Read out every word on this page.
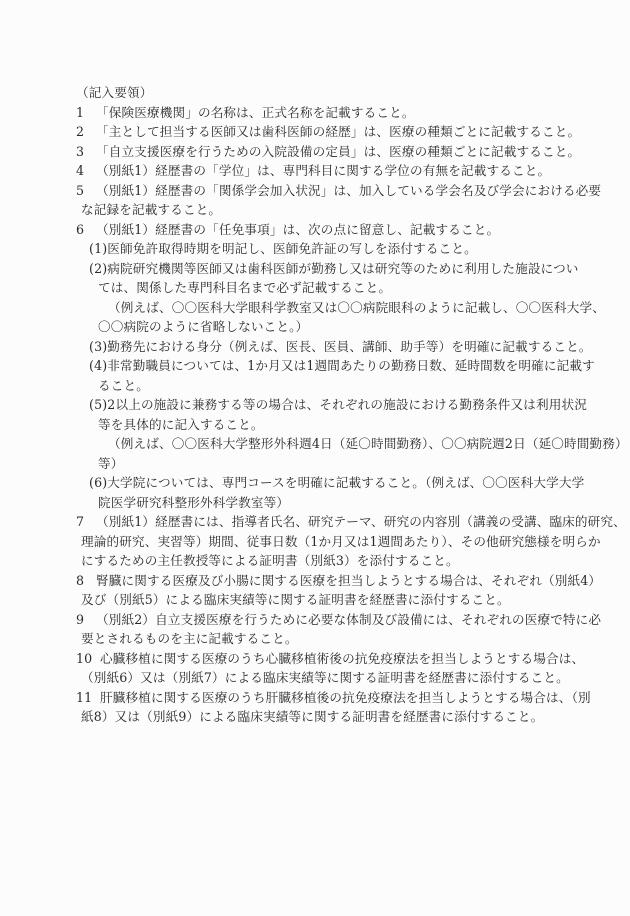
（記入要領）
1 「保険医療機関」の名称は、正式名称を記載すること。
2 「主として担当する医師又は歯科医師の経歴」は、医療の種類ごとに記載すること。
3 「自立支援医療を行うための入院設備の定員」は、医療の種類ごとに記載すること。
4 （別紙1）経歴書の「学位」は、専門科目に関する学位の有無を記載すること。
5 （別紙1）経歴書の「関係学会加入状況」は、加入している学会名及び学会における必要
な記録を記載すること。
6 （別紙1）経歴書の「任免事項」は、次の点に留意し、記載すること。
(1)医師免許取得時期を明記し、医師免許証の写しを添付すること。
(2)病院研究機関等医師又は歯科医師が勤務し又は研究等のために利用した施設につい
ては、関係した専門科目名まで必ず記載すること。
（例えば、〇〇医科大学眼科学教室又は〇〇病院眼科のように記載し、〇〇医科大学、
〇〇病院のように省略しないこと。）
(3)勤務先における身分（例えば、医長、医員、講師、助手等）を明確に記載すること。
(4)非常勤職員については、1か月又は1週間あたりの勤務日数、延時間数を明確に記載す
ること。
(5)2以上の施設に兼務する等の場合は、それぞれの施設における勤務条件又は利用状況
等を具体的に記入すること。
（例えば、〇〇医科大学整形外科週4日（延〇時間勤務）、〇〇病院週2日（延〇時間勤務）
等）
(6)大学院については、専門コースを明確に記載すること。（例えば、〇〇医科大学大学
院医学研究科整形外科学教室等）
7 （別紙1）経歴書には、指導者氏名、研究テーマ、研究の内容別（講義の受講、臨床的研究、
理論的研究、実習等）期間、従事日数（1か月又は1週間あたり）、その他研究態様を明らか
にするための主任教授等による証明書（別紙3）を添付すること。
8 腎臓に関する医療及び小腸に関する医療を担当しようとする場合は、それぞれ（別紙4）
及び（別紙5）による臨床実績等に関する証明書を経歴書に添付すること。
9 （別紙2）自立支援医療を行うために必要な体制及び設備には、それぞれの医療で特に必
要とされるものを主に記載すること。
10 心臓移植に関する医療のうち心臓移植術後の抗免疫療法を担当しようとする場合は、
（別紙6）又は（別紙7）による臨床実績等に関する証明書を経歴書に添付すること。
11 肝臓移植に関する医療のうち肝臓移植後の抗免疫療法を担当しようとする場合は、（別
紙8）又は（別紙9）による臨床実績等に関する証明書を経歴書に添付すること。
